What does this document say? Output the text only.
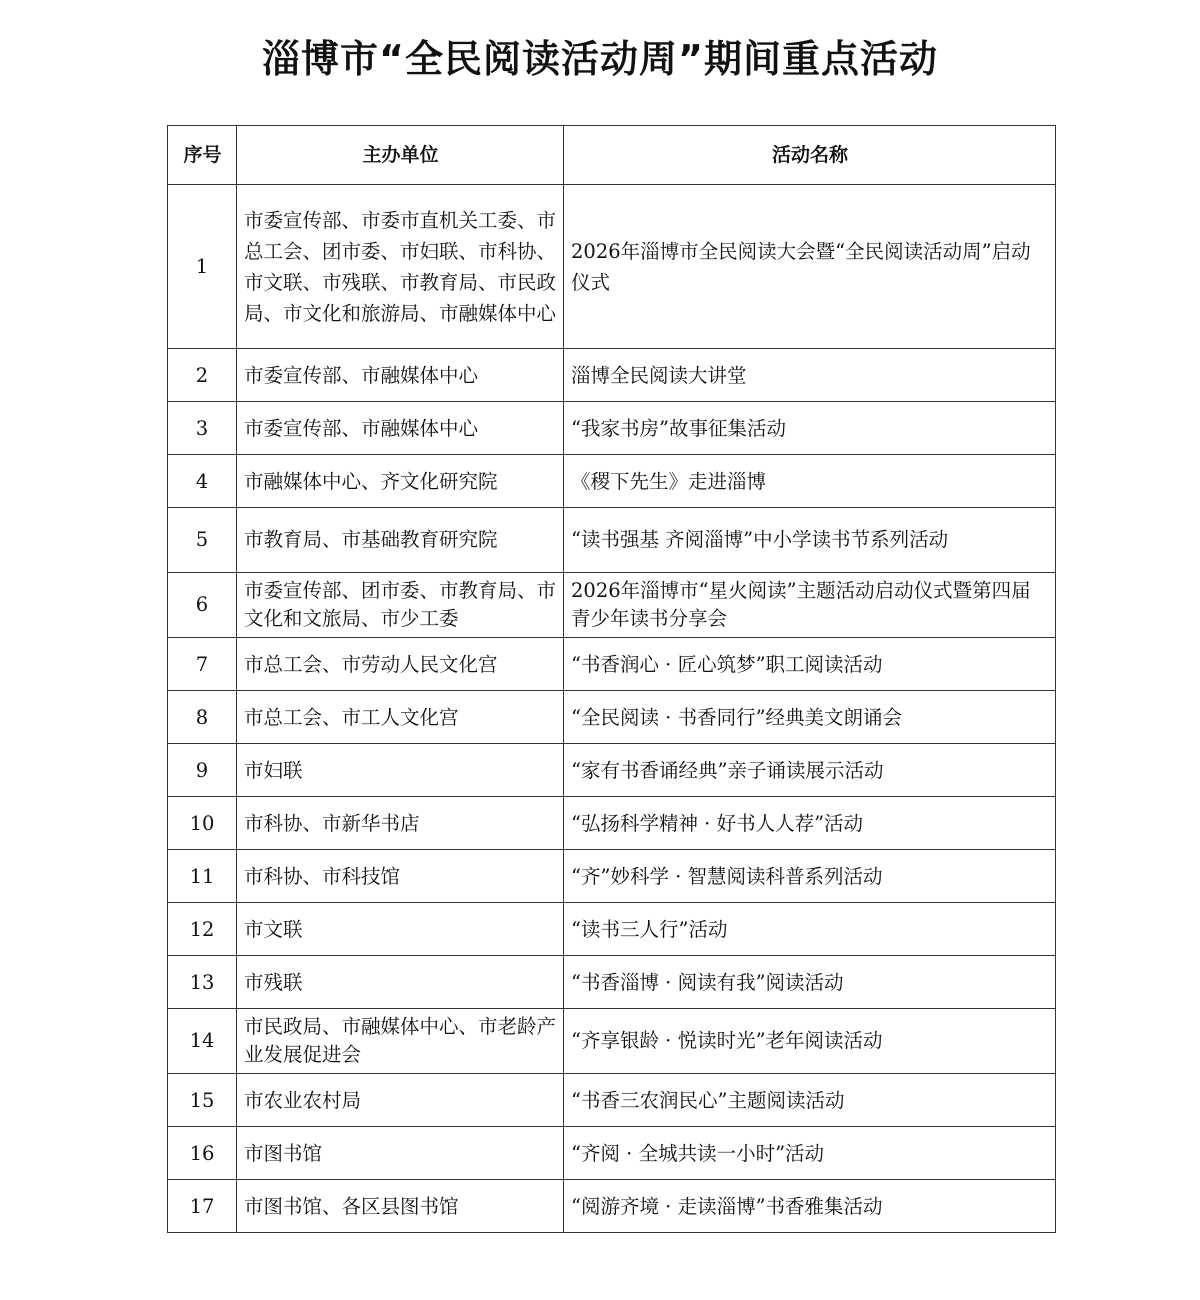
淄博市“全民阅读活动周”期间重点活动
序号	主办单位	活动名称
1	市委宣传部、市委市直机关工委、市总工会、团市委、市妇联、市科协、市文联、市残联、市教育局、市民政局、市文化和旅游局、市融媒体中心	2026年淄博市全民阅读大会暨“全民阅读活动周”启动仪式
2	市委宣传部、市融媒体中心	淄博全民阅读大讲堂
3	市委宣传部、市融媒体中心	“我家书房”故事征集活动
4	市融媒体中心、齐文化研究院	《稷下先生》走进淄博
5	市教育局、市基础教育研究院	“读书强基 齐阅淄博”中小学读书节系列活动
6	市委宣传部、团市委、市教育局、市文化和文旅局、市少工委	2026年淄博市“星火阅读”主题活动启动仪式暨第四届青少年读书分享会
7	市总工会、市劳动人民文化宫	“书香润心 · 匠心筑梦”职工阅读活动
8	市总工会、市工人文化宫	“全民阅读 · 书香同行”经典美文朗诵会
9	市妇联	“家有书香诵经典”亲子诵读展示活动
10	市科协、市新华书店	“弘扬科学精神 · 好书人人荐”活动
11	市科协、市科技馆	“齐”妙科学 · 智慧阅读科普系列活动
12	市文联	“读书三人行”活动
13	市残联	“书香淄博 · 阅读有我”阅读活动
14	市民政局、市融媒体中心、市老龄产业发展促进会	“齐享银龄 · 悦读时光”老年阅读活动
15	市农业农村局	“书香三农润民心”主题阅读活动
16	市图书馆	“齐阅 · 全城共读一小时”活动
17	市图书馆、各区县图书馆	“阅游齐境 · 走读淄博”书香雅集活动
